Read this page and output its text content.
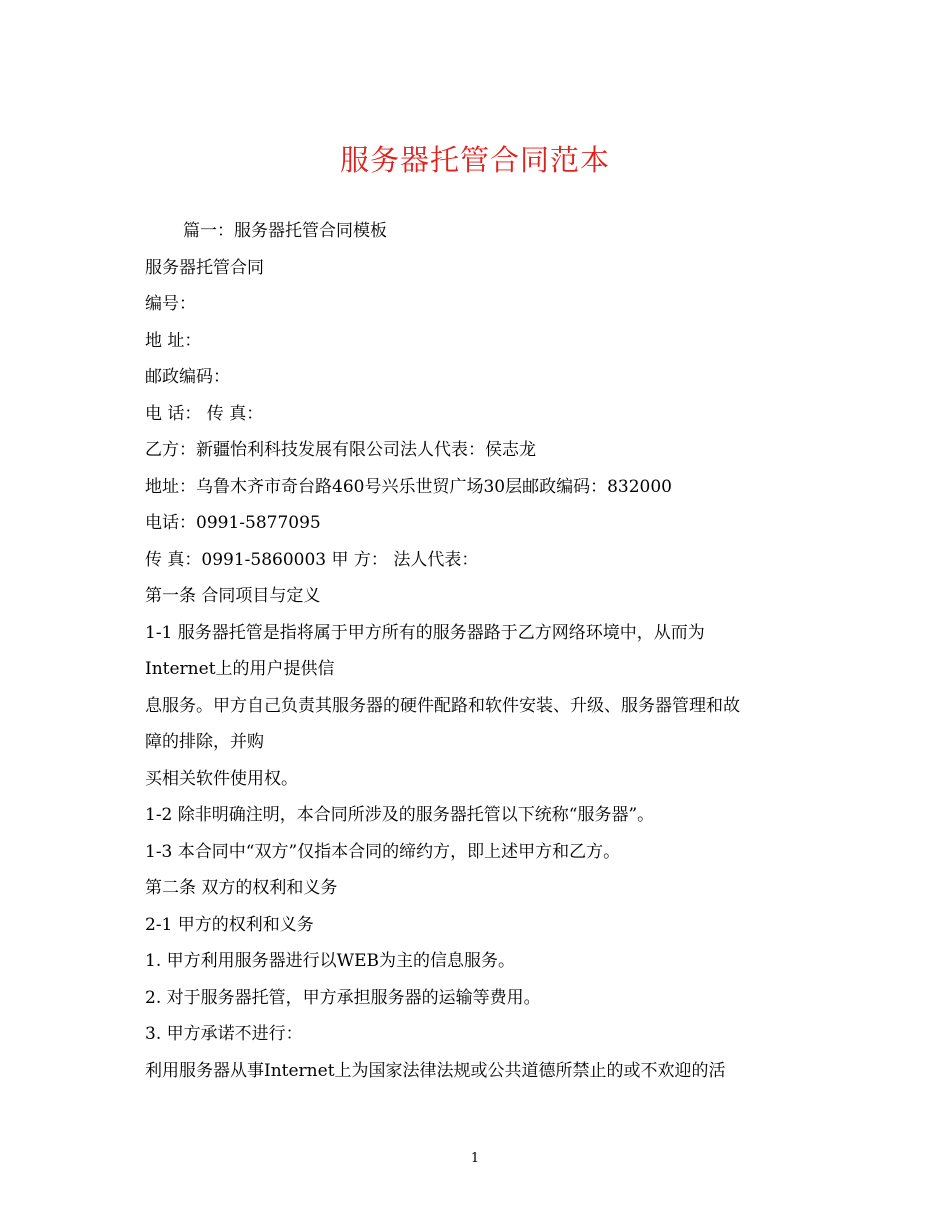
服务器托管合同范本
篇一：服务器托管合同模板
服务器托管合同
编号：
地 址：
邮政编码：
电 话： 传 真：
乙方：新疆怡利科技发展有限公司法人代表：侯志龙
地址：乌鲁木齐市奇台路460号兴乐世贸广场30层邮政编码：832000
电话：0991-5877095
传 真：0991-5860003 甲 方： 法人代表：
第一条 合同项目与定义
1-1 服务器托管是指将属于甲方所有的服务器路于乙方网络环境中，从而为
Internet上的用户提供信
息服务。甲方自己负责其服务器的硬件配路和软件安装、升级、服务器管理和故
障的排除，并购
买相关软件使用权。
1-2 除非明确注明，本合同所涉及的服务器托管以下统称“服务器”。
1-3 本合同中“双方”仅指本合同的缔约方，即上述甲方和乙方。
第二条 双方的权利和义务
2-1 甲方的权利和义务
1. 甲方利用服务器进行以WEB为主的信息服务。
2. 对于服务器托管，甲方承担服务器的运输等费用。
3. 甲方承诺不进行：
利用服务器从事Internet上为国家法律法规或公共道德所禁止的或不欢迎的活
1
